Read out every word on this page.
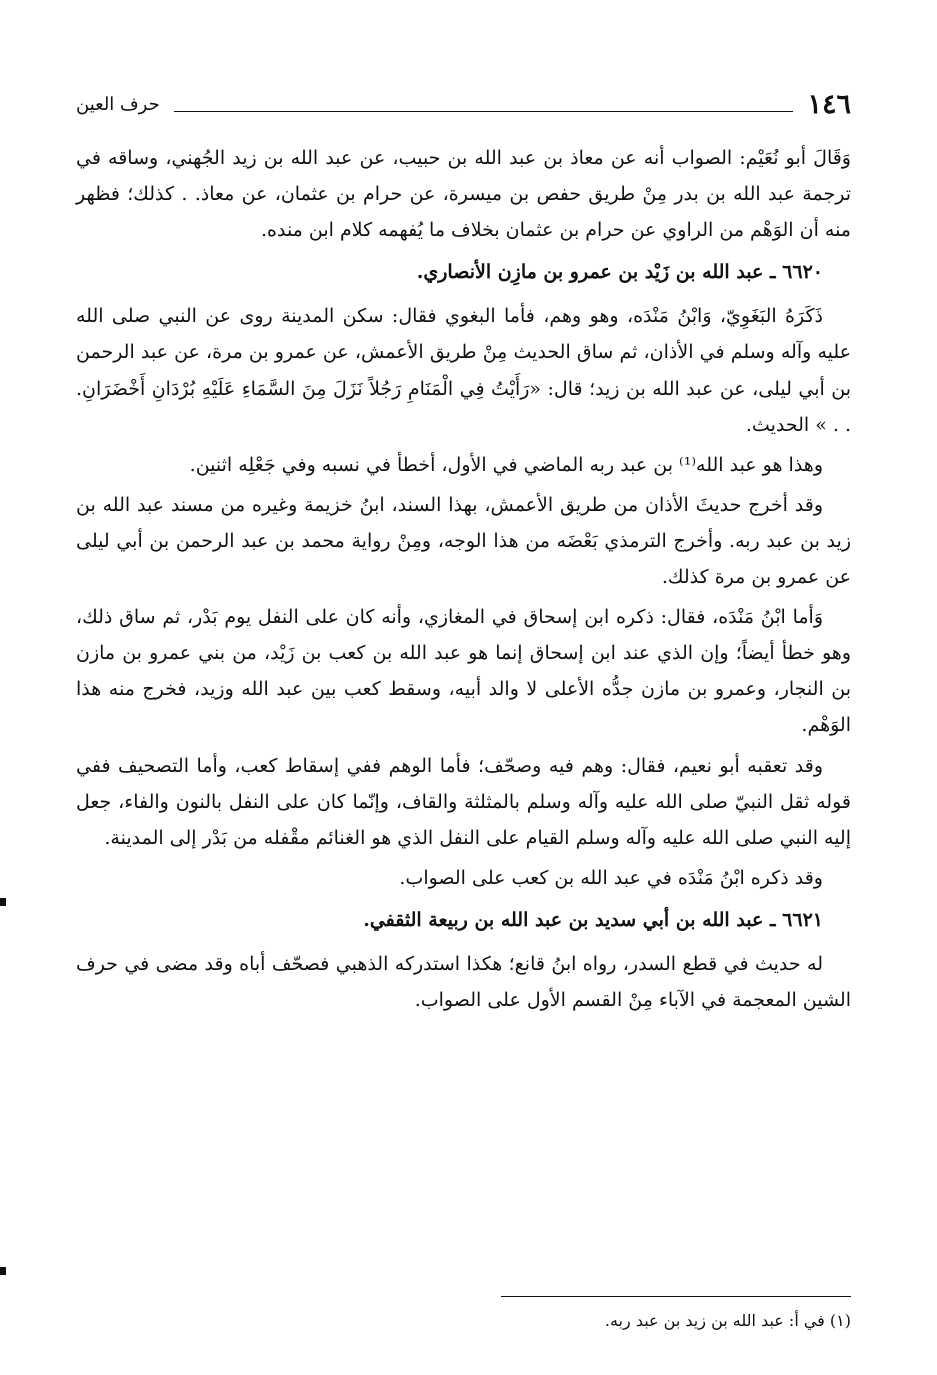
١٤٦
حرف العين

وَقَالَ أبو نُعَيْم: الصواب أنه عن معاذ بن عبد الله بن حبيب، عن عبد الله بن زيد الجُهني، وساقه في ترجمة عبد الله بن بدر مِنْ طريق حفص بن ميسرة، عن حرام بن عثمان، عن معاذ. . كذلك؛ فظهر منه أن الوَهْم من الراوي عن حرام بن عثمان بخلاف ما يُفهمه كلام ابن منده.

٦٦٢٠ ـ عبد الله بن زَيْد بن عمرو بن مازِن الأنصاري.

ذَكَرَهُ البَغَوِيّ، وَابْنُ مَنْدَه، وهو وهم، فأما البغوي فقال: سكن المدينة روى عن النبي صلى الله عليه وآله وسلم في الأذان، ثم ساق الحديث مِنْ طريق الأعمش، عن عمرو بن مرة، عن عبد الرحمن بن أبي ليلى، عن عبد الله بن زيد؛ قال: «رَأَيْتُ فِي الْمَنَامِ رَجُلاً نَزَلَ مِنَ السَّمَاءِ عَلَيْهِ بُرْدَانِ أَخْضَرَانِ. . . » الحديث.

وهذا هو عبد الله⁽¹⁾ بن عبد ربه الماضي في الأول، أخطأ في نسبه وفي جَعْلِه اثنين.

وقد أخرج حديثَ الأذان من طريق الأعمش، بهذا السند، ابنُ خزيمة وغيره من مسند عبد الله بن زيد بن عبد ربه. وأخرج الترمذي بَعْضَه من هذا الوجه، ومِنْ رواية محمد بن عبد الرحمن بن أبي ليلى عن عمرو بن مرة كذلك.

وَأما ابْنُ مَنْدَه، فقال: ذكره ابن إسحاق في المغازي، وأنه كان على النفل يوم بَدْر، ثم ساق ذلك، وهو خطأ أيضاً؛ وإن الذي عند ابن إسحاق إنما هو عبد الله بن كعب بن زَيْد، من بني عمرو بن مازن بن النجار، وعمرو بن مازن جدُّه الأعلى لا والد أبيه، وسقط كعب بين عبد الله وزيد، فخرج منه هذا الوَهْم.

وقد تعقبه أبو نعيم، فقال: وهم فيه وصحّف؛ فأما الوهم ففي إسقاط كعب، وأما التصحيف ففي قوله ثقل النبيّ صلى الله عليه وآله وسلم بالمثلثة والقاف، وإنّما كان على النفل بالنون والفاء، جعل إليه النبي صلى الله عليه وآله وسلم القيام على النفل الذي هو الغنائم مقْفله من بَدْر إلى المدينة.

وقد ذكره ابْنُ مَنْدَه في عبد الله بن كعب على الصواب.

٦٦٢١ ـ عبد الله بن أبي سديد بن عبد الله بن ربيعة الثقفي.

له حديث في قطع السدر، رواه ابنُ قانع؛ هكذا استدركه الذهبي فصحّف أباه وقد مضى في حرف الشين المعجمة في الآباء مِنْ القسم الأول على الصواب.

(١) في أ: عبد الله بن زيد بن عبد ربه.
